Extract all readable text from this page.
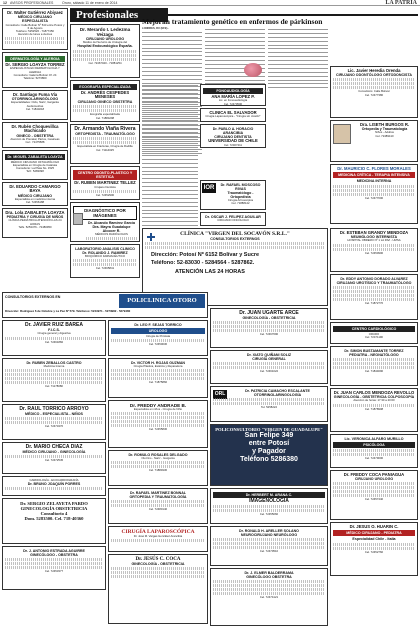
12 AVISOS PROFESIONALES Oruro, sábado 11 de enero de 2014	LA PATRIA
Profesionales
Dr. Walter Gutiérrez Abiyaez
MÉDICO CIRUJANO ESPECIALISTA
Consultorio: Calle Bolívar Nº 543 entre Potosí y 6 de Agosto
Teléfono: 5252526 - 71877450
Atención de lunes a viernes
DERMATOLOGÍA Y ALERGIA
Dr. SERGIO LOAYZA TORREZ
ESPECIALISTA EN DERMATOLOGÍA Y ALERGIA
Consultorio: Galería Bolívar Of. 24
Teléfono: 5273860
Dr. Santiago Fuma Vía
OTORRINOLARINGÓLOGO
Especialidades: Oído, Nariz, Garganta
Audiometrías
Cel. 71843218
Dr. Rubén Choquevillca Machicado
GINECO - OBSTETRA
Atención de Prenatal, Partos, Cesáreas
Cel.: 72475588
Dr. MIGUEL ZABALETA LOAYZA
MÉDICO CIRUJANO OFTALMÓLOGO
Especialista en Cirugía de Catarata
Consultorio: La Plata No. 1525
Telf.: 5283098
Dr. EDUARDO CAMARGO BAYA
MÉDICO CIRUJANO
Especialista en medicina interna
Cel. 72456188
Dra. Lola ZABALETA LOAYZA
PEDIATRÍA Y CIRUGÍA DE NIÑOS
CLÍNICA PEDIÁTRICA ATENCIÓN LAS 24 HORAS
Telfs. 5253476 - 72480950
Dr. Merardo I. Ledezma Veizaga
CIRUJANO UROLOGO
Médico del Servicio de Urología del
Hospital Endourológico España.
Cel. 72467040 - 71881254
ECOGRAFÍA ESPECIALIZADA
Dr. ANDRÉS CESPEDES MENESES
CIRUJANO GINECO OBSTETRA
Ecografía especializada
Cel. 71884298
Dr. Armando Viaña Rivera
ORTOPEDISTA - TRAUMATÓLOGO
Especialista en Fracturas, Cirugía de Rodilla
Cel. 71114025
CENTRO ODONTO-PLASTICO Y ESTETICA
Dr. RUBEN MARTINEZ TELLEZ
Cirujano Dentista
Cel. 72452900
DIAGNÓSTICO POR IMÁGENES
Dr. Alcando Ramírez García
Dra. Mayra Guadalupe Alcocer R.
MÉDICOS RADIÓLOGOS
LABORATORIO ANALISIS CLINICO
Dr. ROLANDO J. RAMIREZ
BIOQUÍMICO FARMACÉUTICO
Cel. 72465841
Mejoran tratamiento genético en enfermos de párkinson
LONDRES, RU (EFE).-

FONOAUDIOLOGÍA
ANA MARÍA LOPEZ P.
Lic. en Fonoaudiología
Cel. 72470500
CLINICA EL SALVADOR
Cirugía Laparoscópica - "Cirugía sin cicatriz"
Dr. PABLO A. HORACIO ARANCIBIA
CIRUJANO DENTISTA
UNIVERSIDAD DE CHILE
Cel. 72467411
IOR
Dr. RAFAEL MOSCOSO RIVAS
Traumatólogo - Ortopedista
Cirugía Artroscópica
Cel. 71888122
Dr. OSCAR J. FELIPEZ AGUILAR
CIRUJANO ONCÓLOGO

CLÍNICA "VIRGEN DEL SOCAVÓN S.R.L."
CONSULTORIOS EXTERNOS
Dirección: Potosí Nº 6152 Bolívar y Sucre
Teléfono: 52-83030 - 5284564 - 5287862.
ATENCIÓN LAS 24 HORAS
Lic. Javier Heredia Orenda
CIRUJANO ODONTÓLOGO ORTODONCISTA
Consultorio: Calle Bolívar
Cel. 72477380
Dra. LISETH BURGOS R.
Ortopedia y Traumatología
Niños - Adultos
Cel. 72489410
Dr. MAURICIO C. FLORES MORALES
MEDICINA CRÍTICA - TERAPIA INTENSIVA
MEDICINA INTERNA
Cel. 72477000
CONSULTORIOS EXTERNOS EN	POLICLINICA OTORO
Dirección: Rodríguez 6 de Octubre y La Paz Nº 579. Teléfonos: 5243971 - 5273982 - 5279480
Dr. JAVIER RUIZ BAREA
F.I.C.S.
Cirugía general y digestiva
Cel. 72461882
Dr. RUBEN ZEBALLOS CASTRO
Medicina Interna
Cel. 71178080
Dr. RAUL TORRICO ARROYO
MÉDICO - ESPECIALISTA - NIÑOS
Cel. 72473470
Dr. MARIO CHECA DIAZ
MÉDICO CIRUJANO - GINECOLOGÍA
Cel. 72472545
CARDIOLOGÍA - ECOCARDIOGRAFÍA
Dr. BRUNO JOAQUÍN PORRES
Dr. SERGIO ZELAYETA PARDO
GINECOLOGÍA OBSTETRICIA
Consultorio 4
Dom. 5283500. Cel. 718-40360
Dr. J. ANTONIO ESTRADA AGUIRRE
GINECÓLOGO - OBSTETRA
Cel. 72453377
Dr. LEO F. SEJAS TORRICO
UROLOGO
Cirugía de Próstata
Cel. 72450030
Dr. VICTOR H. ROJAS GUZMAN
Cirugía Plástica, Estética y Reparadora
Cel. 71875860
Dr. FREDDY ANDRADE B.
Especialista en niños - Cirugía de Niño
Cel. 72455830
Dr. ROMULO ROSALES DELGADO
Otorrino - Nariz - Garganta
Cel. 71884930
Dr. RAFAEL MARTINEZ BONNAL
ORTOPEDIA Y TRAUMATOLOGÍA
Cel. 72480140
CIRUGÍA LAPAROSCÓPICA
Dr. José M. Vargas González Arancibia
Dr. JESÚS C. COCA
GINECOLOGÍA - OBSTETRICIA
Dr. JUAN UGARTE ARCE
GINECOLOGÍA - OBSTETRICIA
Cel. 72467690
Dr. XIATO QUIÑANI SOLIZ
CIRUGÍA GENERAL
Cel. 72461022
ORL
Dr. PATRICIA CAMACHO ESCALANTE
OTORRINOLARINGOLOGÍA
Tel. 5258222
POLICONSULTORIO "VIRGEN DE GUADALUPE"
San Felipe 349
entre Potosí
y Pagador
Teléfono 5286380
Dr. HERBERT M. ARANA C.
IMAGENOLOGÍA
Cel. 72455060
Dr. RONALD H. ARELLER SOLANO
NEUROCIRUJANO NEURÓLOGO
Cel. 72470510
Dr. J. ELMER BALDERRAMA
GINECÓLOGO OBSTETRA
Cel. 72474121
Dr. ESTEBAN GRANDY MENDOZA
NEUMÓLOGO INTERNISTA
HOSPITAL OBRERO Nº 1 LA PAZ - UMSA
Cel. 72450900
Dr. EDDY ANTONIO DORADO ALVAREZ
CIRUJANO UROTÍSICO Y TRAUMATÓLOGO
Cel. 71872770
CENTRO CARDIOLÓGICO
ORURO
Cel. 72471190
Dr. SIMON BUSTAMANTE TORREZ
PEDIATRA - NEONATÓLOGO
Cel. 71844690
Dr. JUAN CARLOS MENDOZA REVOLLO
GINECOLOGÍA - OBSTETRICIA COLPOSCOPÍA
Atención de horas: 17:30 a 20:00
Cel. 71878908
Lic. VERONICA ALFARO MURILLO
PSICÓLOGA
Cel. 72479000
Dr. FREDDY COCA PANIAGUA
CIRUJANO UROLOGO
Cel. 72457440
Dr. JESUS O. HUARIN C.
MÉDICO CIRUJANO - PEDIATRA
Especialidad Chile - Italia
Cel. 72452760
